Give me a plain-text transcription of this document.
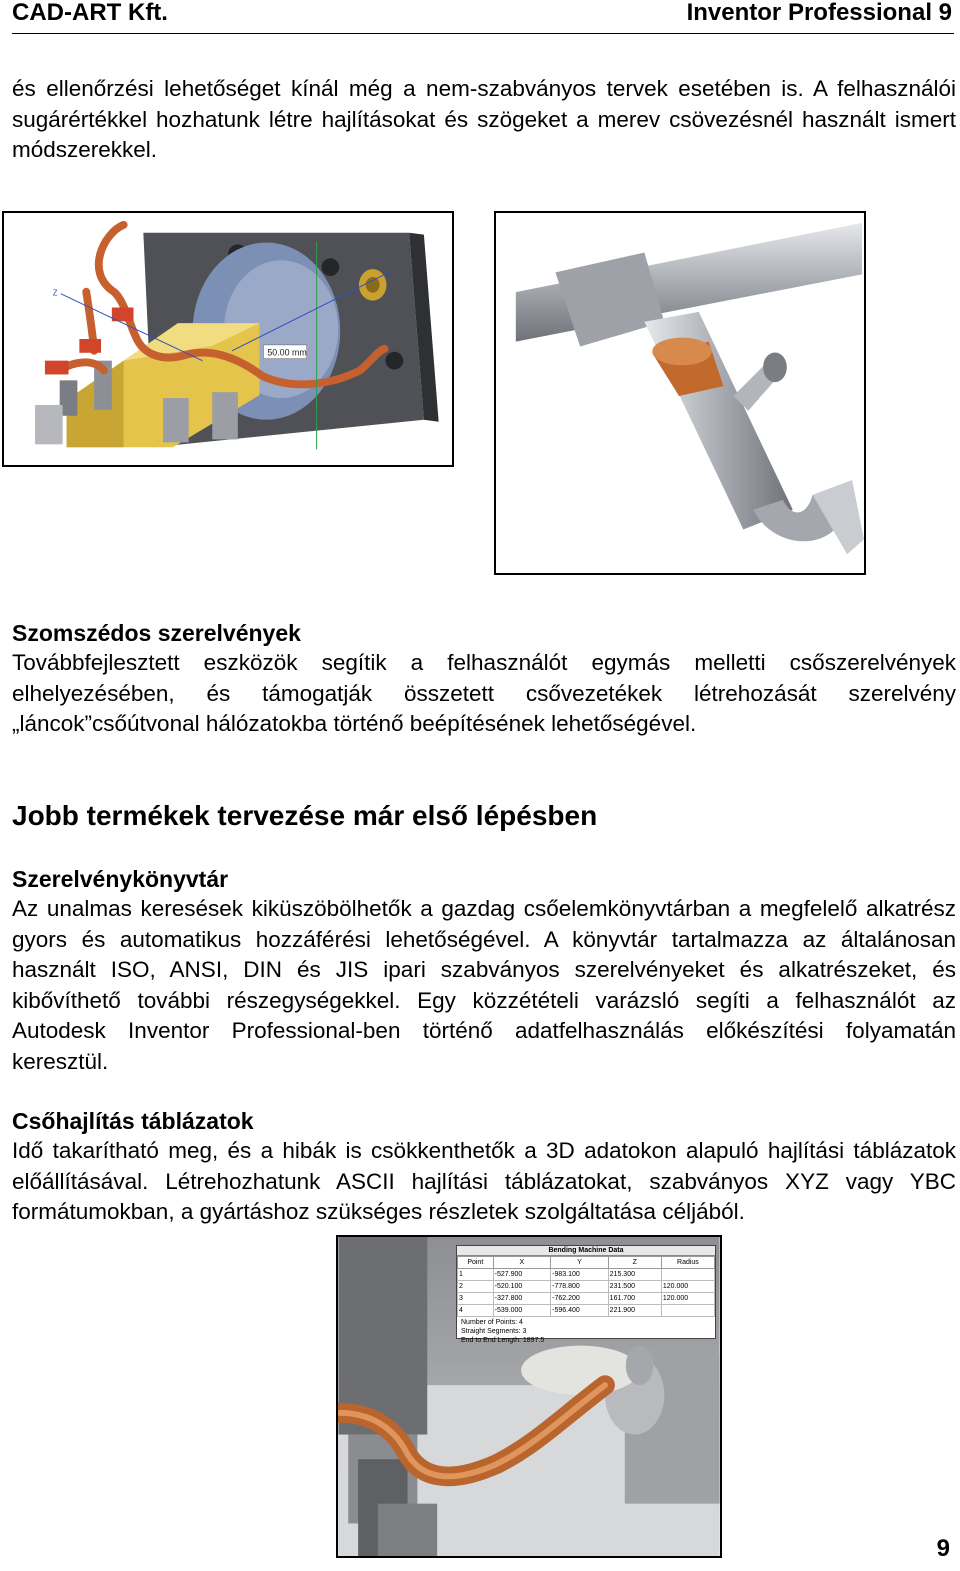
CAD-ART Kft.	Inventor Professional 9

és ellenőrzési lehetőséget kínál még a nem-szabványos tervek esetében is. A felhasználói sugárértékkel hozhatunk létre hajlításokat és szögeket a merev csövezésnél használt ismert módszerekkel.

50.00 mm
Z
Szomszédos szerelvények

Továbbfejlesztett eszközök segítik a felhasználót egymás melletti csőszerelvények elhelyezésében, és támogatják összetett csővezetékek létrehozását szerelvény „láncok”csőútvonal hálózatokba történő beépítésének lehetőségével.

Jobb termékek tervezése már első lépésben
Szerelvénykönyvtár

Az unalmas keresések kiküszöbölhetők a gazdag csőelemkönyvtárban a megfelelő alkatrész gyors és automatikus hozzáférési lehetőségével. A könyvtár tartalmazza az általánosan használt ISO, ANSI, DIN és JIS ipari szabványos szerelvényeket és alkatrészeket, és kibővíthető további részegységekkel. Egy közzétételi varázsló segíti a felhasználót az Autodesk Inventor Professional-ben történő adatfelhasználás előkészítési folyamatán keresztül.

Csőhajlítás táblázatok

Idő takarítható meg, és a hibák is csökkenthetők a 3D adatokon alapuló hajlítási táblázatok előállításával. Létrehozhatunk ASCII hajlítási táblázatokat, szabványos XYZ vagy YBC formátumokban, a gyártáshoz szükséges részletek szolgáltatása céljából.

Bending Machine Data
Point	X	Y	Z	Radius
1	-527.900	-983.100	215.300	
2	-520.100	-778.800	231.500	120.000
3	-327.800	-762.200	161.700	120.000
4	-539.000	-596.400	221.900	
Number of Points: 4
Straight Segments: 3
End to End Length: 1897.5
9
